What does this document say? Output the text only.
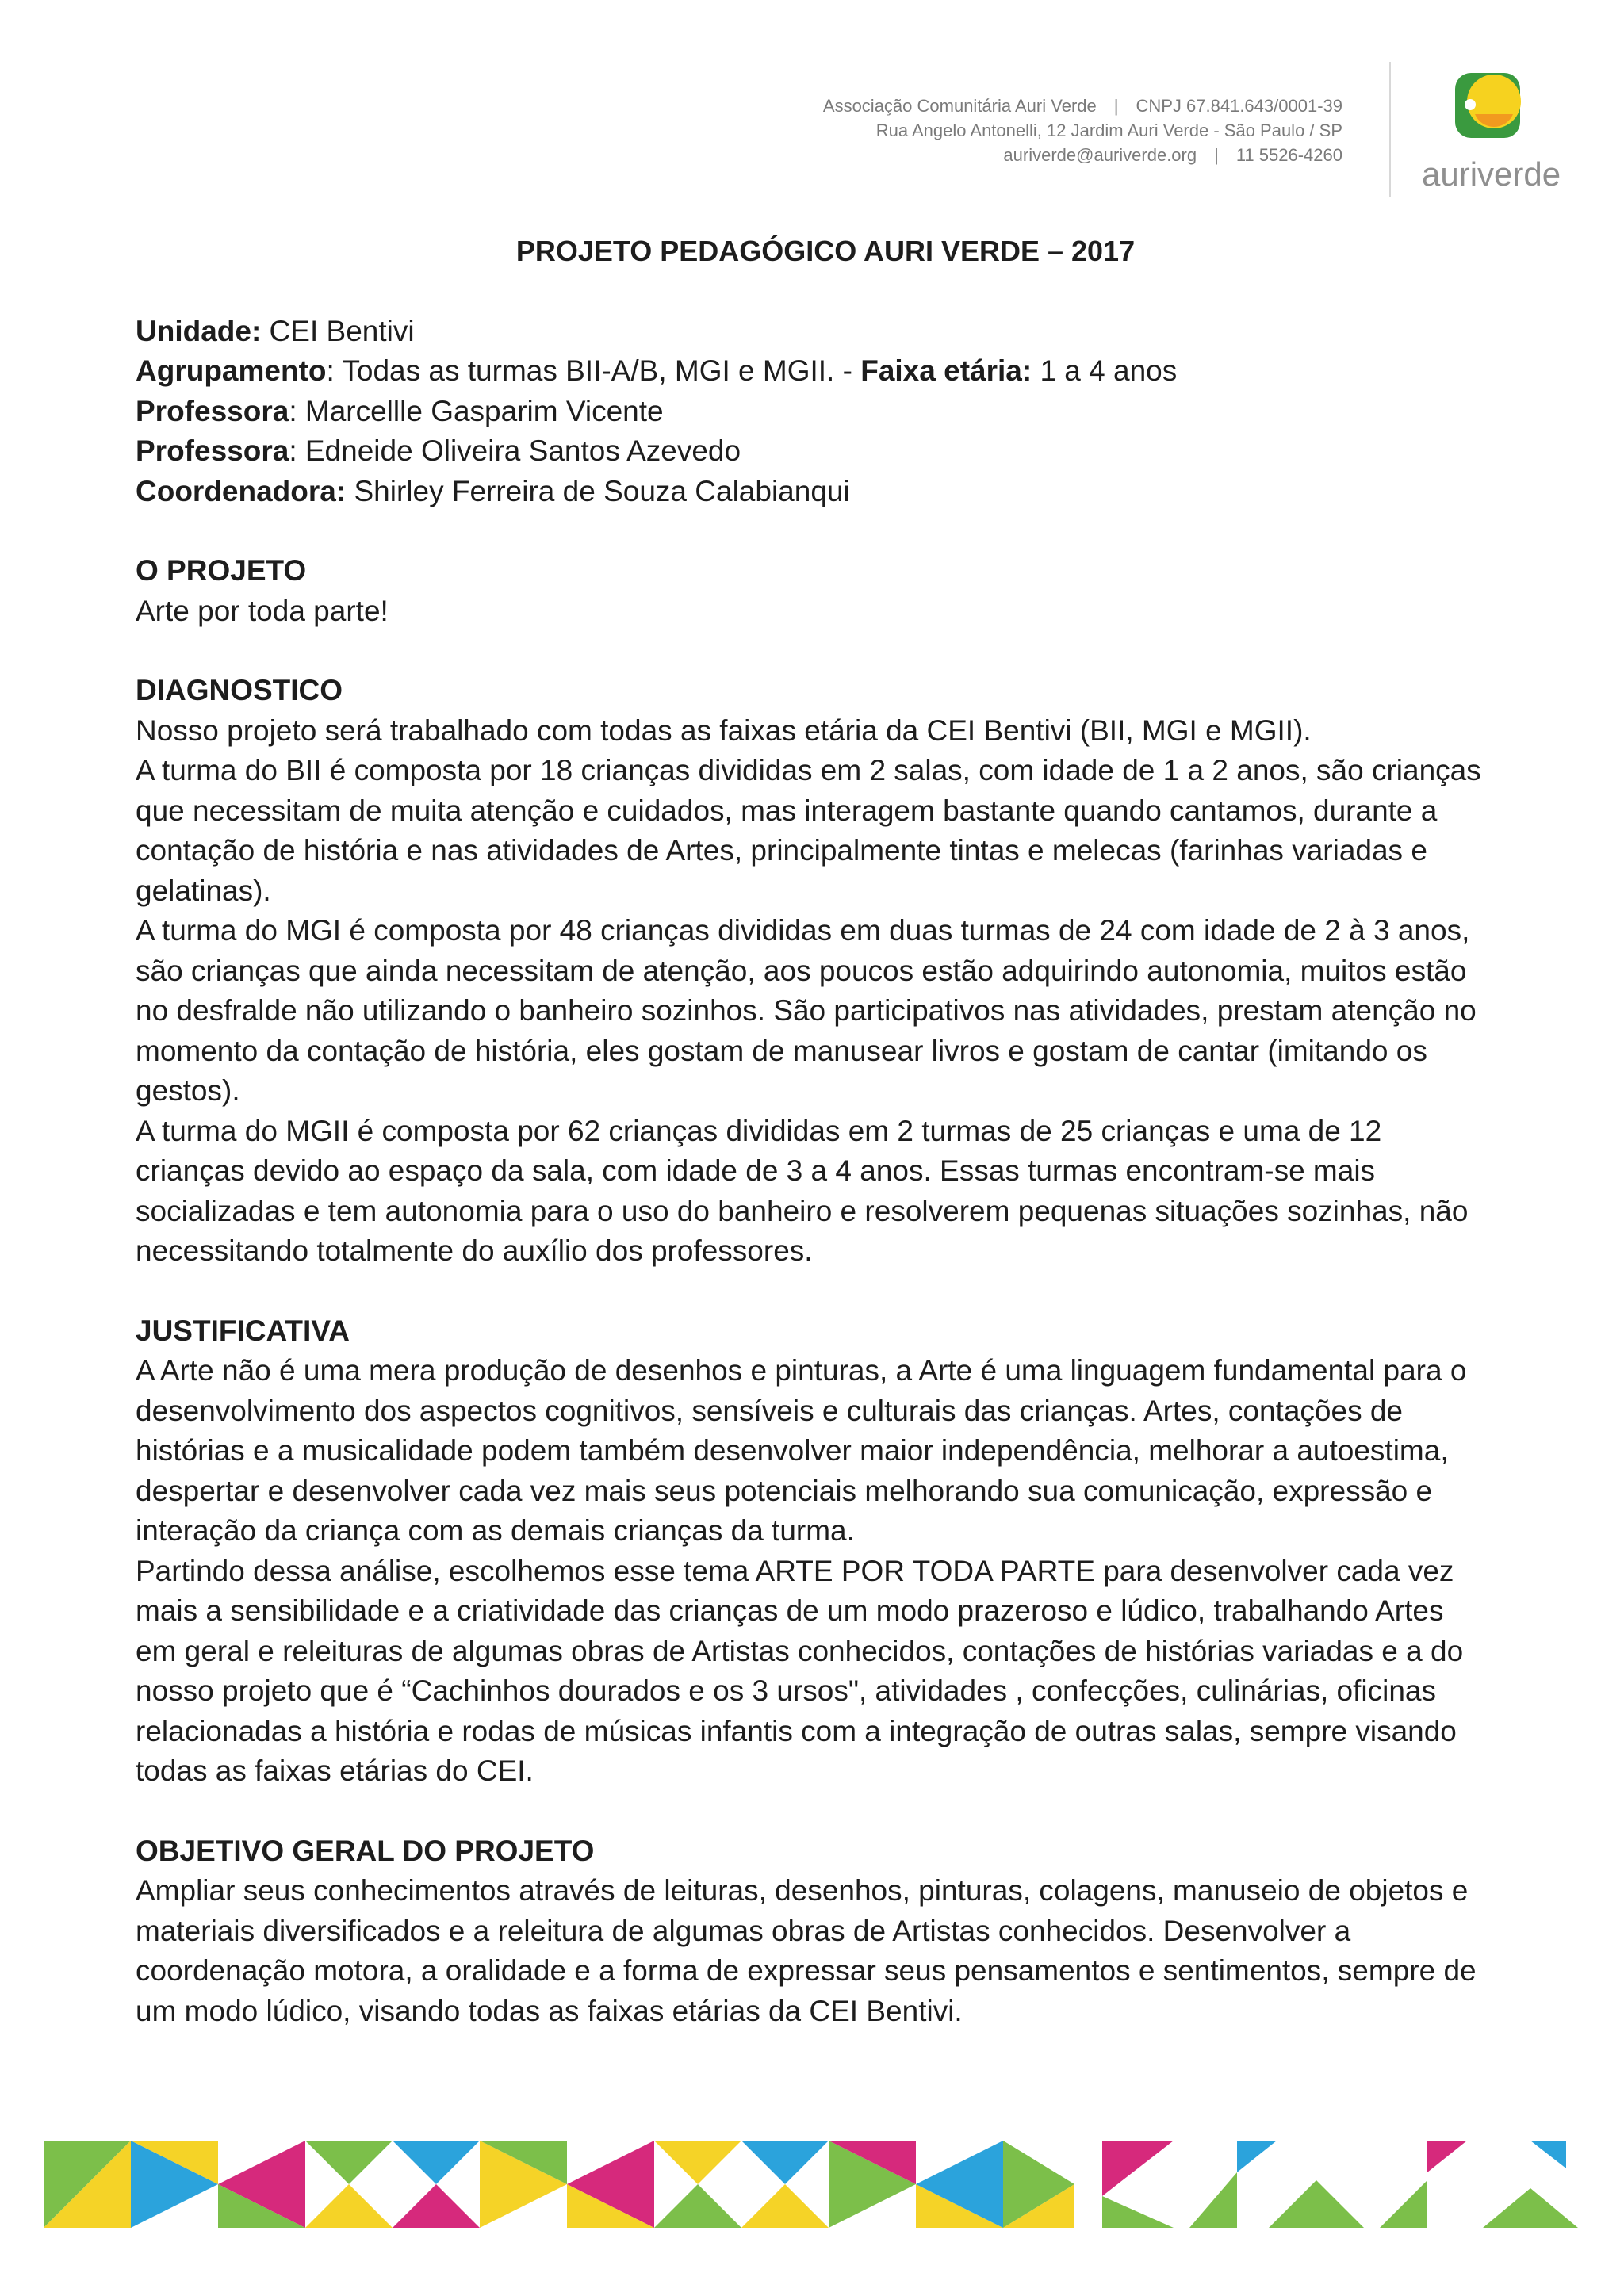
Associação Comunitária Auri Verde | CNPJ 67.841.643/0001-39
Rua Angelo Antonelli, 12 Jardim Auri Verde - São Paulo / SP
auriverde@auriverde.org | 11 5526-4260
auriverde

PROJETO PEDAGÓGICO AURI VERDE – 2017

Unidade: CEI Bentivi

Agrupamento: Todas as turmas BII-A/B, MGI e MGII. - Faixa etária: 1 a 4 anos

Professora: Marcellle Gasparim Vicente

Professora: Edneide Oliveira Santos Azevedo

Coordenadora: Shirley Ferreira de Souza Calabianqui

O PROJETO

Arte por toda parte!

DIAGNOSTICO

Nosso projeto será trabalhado com todas as faixas etária da CEI Bentivi (BII, MGI e MGII).

A turma do BII é composta por 18 crianças divididas em 2 salas, com idade de 1 a 2 anos, são crianças que necessitam de muita atenção e cuidados, mas interagem bastante quando cantamos, durante a contação de história e nas atividades de Artes, principalmente tintas e melecas (farinhas variadas e gelatinas).

A turma do MGI é composta por 48 crianças divididas em duas turmas de 24 com idade de 2 à 3 anos, são crianças que ainda necessitam de atenção, aos poucos estão adquirindo autonomia, muitos estão no desfralde não utilizando o banheiro sozinhos. São participativos nas atividades, prestam atenção no momento da contação de história, eles gostam de manusear livros e gostam de cantar (imitando os gestos).

A turma do MGII é composta por 62 crianças divididas em 2 turmas de 25 crianças e uma de 12 crianças devido ao espaço da sala, com idade de 3 a 4 anos. Essas turmas encontram-se mais socializadas e tem autonomia para o uso do banheiro e resolverem pequenas situações sozinhas, não necessitando totalmente do auxílio dos professores.

JUSTIFICATIVA

A Arte não é uma mera produção de desenhos e pinturas, a Arte é uma linguagem fundamental para o desenvolvimento dos aspectos cognitivos, sensíveis e culturais das crianças. Artes, contações de histórias e a musicalidade podem também desenvolver maior independência, melhorar a autoestima, despertar e desenvolver cada vez mais seus potenciais melhorando sua comunicação, expressão e interação da criança com as demais crianças da turma.

Partindo dessa análise, escolhemos esse tema ARTE POR TODA PARTE para desenvolver cada vez mais a sensibilidade e a criatividade das crianças de um modo prazeroso e lúdico, trabalhando Artes em geral e releituras de algumas obras de Artistas conhecidos, contações de histórias variadas e a do nosso projeto que é “Cachinhos dourados e os 3 ursos", atividades , confecções, culinárias, oficinas relacionadas a história e rodas de músicas infantis com a integração de outras salas, sempre visando todas as faixas etárias do CEI.

OBJETIVO GERAL DO PROJETO

Ampliar seus conhecimentos através de leituras, desenhos, pinturas, colagens, manuseio de objetos e materiais diversificados e a releitura de algumas obras de Artistas conhecidos. Desenvolver a coordenação motora, a oralidade e a forma de expressar seus pensamentos e sentimentos, sempre de um modo lúdico, visando todas as faixas etárias da CEI Bentivi.
